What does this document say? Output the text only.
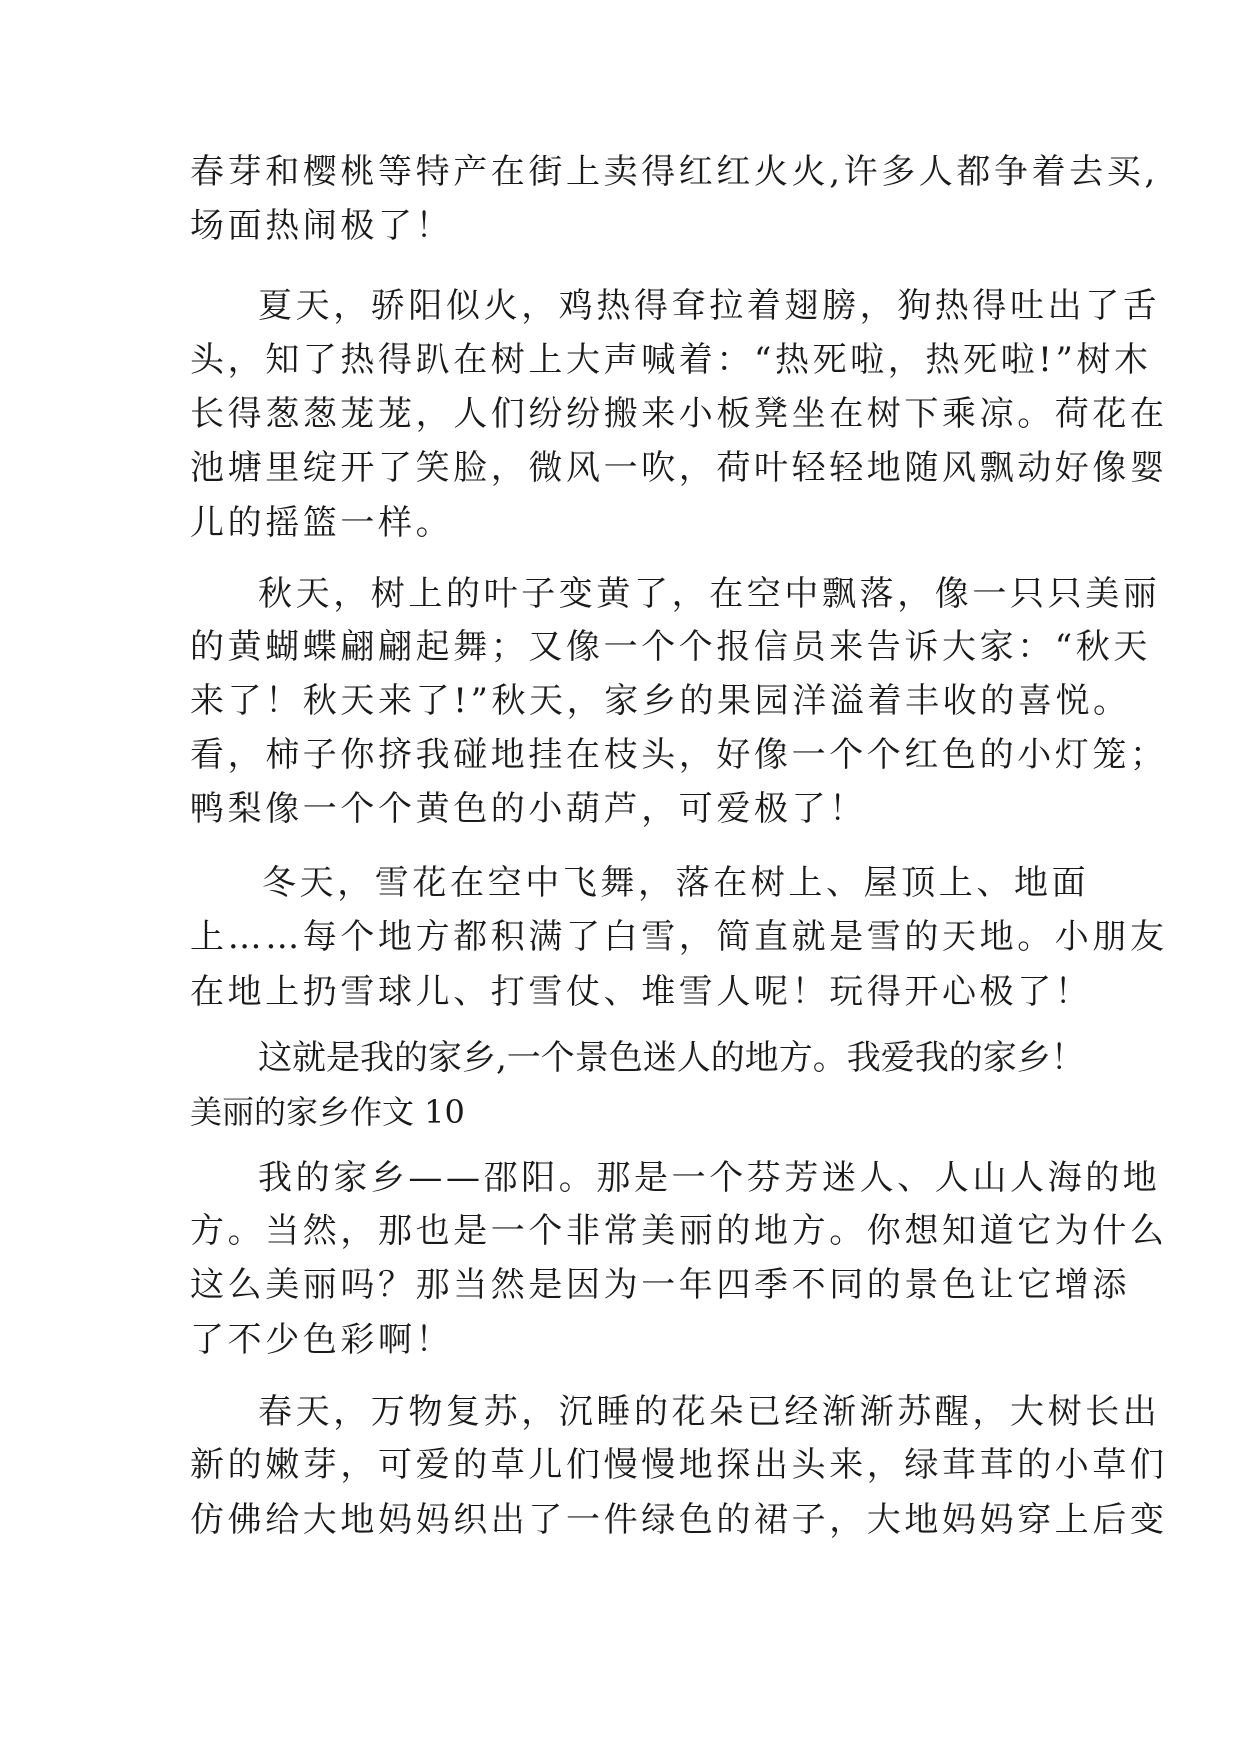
春芽和樱桃等特产在街上卖得红红火火,许多人都争着去买,
场面热闹极了！
夏天，骄阳似火，鸡热得耷拉着翅膀，狗热得吐出了舌
头，知了热得趴在树上大声喊着：“热死啦，热死啦!”树木
长得葱葱茏茏，人们纷纷搬来小板凳坐在树下乘凉。荷花在
池塘里绽开了笑脸，微风一吹，荷叶轻轻地随风飘动好像婴
儿的摇篮一样。
秋天，树上的叶子变黄了，在空中飘落，像一只只美丽
的黄蝴蝶翩翩起舞；又像一个个报信员来告诉大家：“秋天
来了！秋天来了!”秋天，家乡的果园洋溢着丰收的喜悦。
看，柿子你挤我碰地挂在枝头，好像一个个红色的小灯笼；
鸭梨像一个个黄色的小葫芦，可爱极了！
冬天，雪花在空中飞舞，落在树上、屋顶上、地面
上……每个地方都积满了白雪，简直就是雪的天地。小朋友
在地上扔雪球儿、打雪仗、堆雪人呢！玩得开心极了！
这就是我的家乡,一个景色迷人的地方。我爱我的家乡！
美丽的家乡作文 10
我的家乡——邵阳。那是一个芬芳迷人、人山人海的地
方。当然，那也是一个非常美丽的地方。你想知道它为什么
这么美丽吗？那当然是因为一年四季不同的景色让它增添
了不少色彩啊！
春天，万物复苏，沉睡的花朵已经渐渐苏醒，大树长出
新的嫩芽，可爱的草儿们慢慢地探出头来，绿茸茸的小草们
仿佛给大地妈妈织出了一件绿色的裙子，大地妈妈穿上后变
